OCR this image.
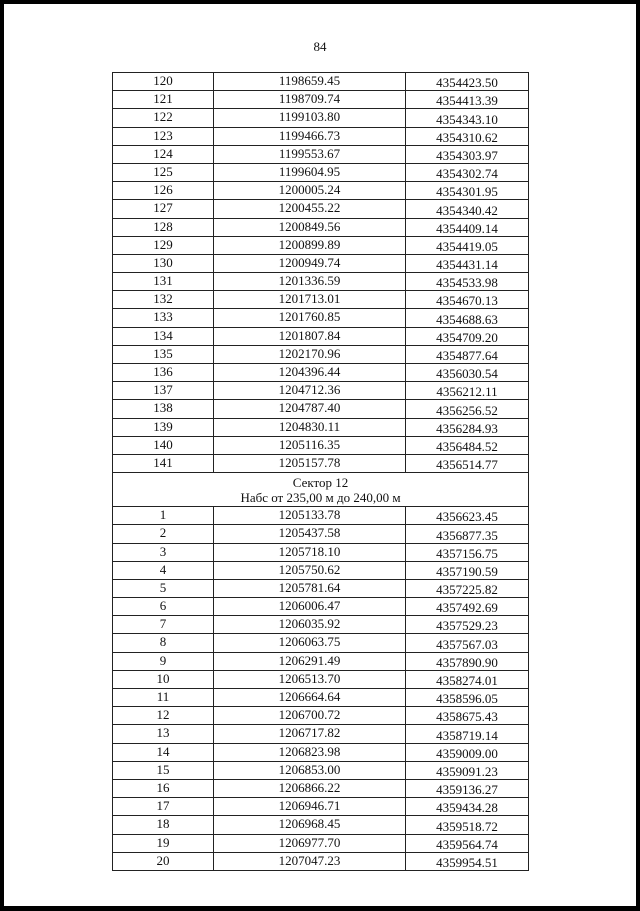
84
120	1198659.45	4354423.50
121	1198709.74	4354413.39
122	1199103.80	4354343.10
123	1199466.73	4354310.62
124	1199553.67	4354303.97
125	1199604.95	4354302.74
126	1200005.24	4354301.95
127	1200455.22	4354340.42
128	1200849.56	4354409.14
129	1200899.89	4354419.05
130	1200949.74	4354431.14
131	1201336.59	4354533.98
132	1201713.01	4354670.13
133	1201760.85	4354688.63
134	1201807.84	4354709.20
135	1202170.96	4354877.64
136	1204396.44	4356030.54
137	1204712.36	4356212.11
138	1204787.40	4356256.52
139	1204830.11	4356284.93
140	1205116.35	4356484.52
141	1205157.78	4356514.77

Сектор 12
Набс от 235,00 м до 240,00 м		

1	1205133.78	4356623.45
2	1205437.58	4356877.35
3	1205718.10	4357156.75
4	1205750.62	4357190.59
5	1205781.64	4357225.82
6	1206006.47	4357492.69
7	1206035.92	4357529.23
8	1206063.75	4357567.03
9	1206291.49	4357890.90
10	1206513.70	4358274.01
11	1206664.64	4358596.05
12	1206700.72	4358675.43
13	1206717.82	4358719.14
14	1206823.98	4359009.00
15	1206853.00	4359091.23
16	1206866.22	4359136.27
17	1206946.71	4359434.28
18	1206968.45	4359518.72
19	1206977.70	4359564.74
20	1207047.23	4359954.51
